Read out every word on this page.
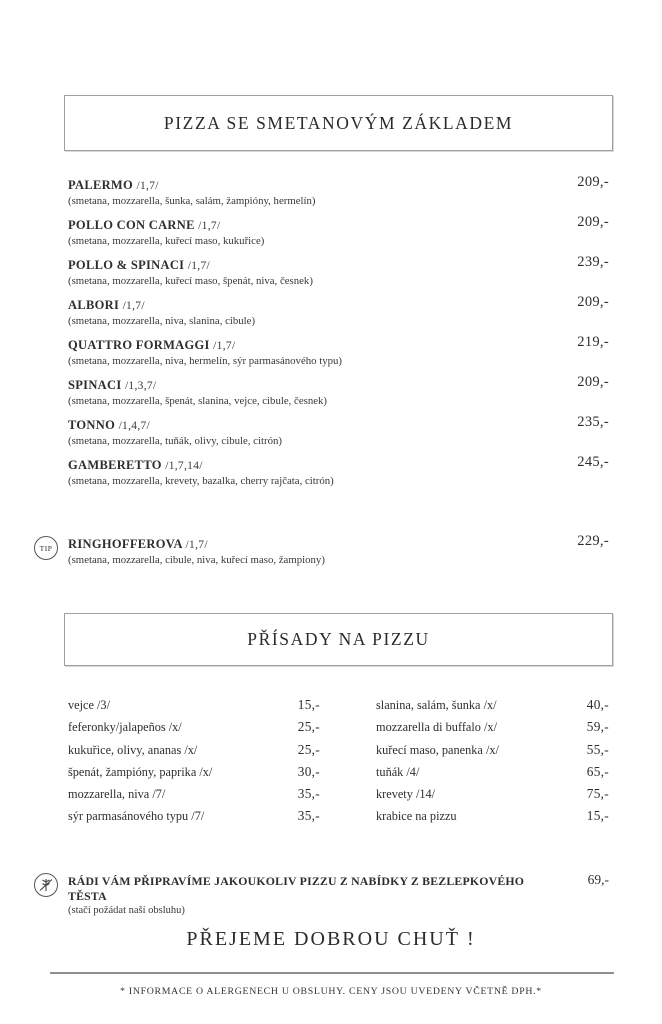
PIZZA SE SMETANOVÝM ZÁKLADEM
PALERMO /1,7/
(smetana, mozzarella, šunka, salám, žampióny, hermelín)
209,-
POLLO CON CARNE /1,7/
(smetana, mozzarella, kuřecí maso, kukuřice)
209,-
POLLO & SPINACI /1,7/
(smetana, mozzarella, kuřecí maso, špenát, niva, česnek)
239,-
ALBORI /1,7/
(smetana, mozzarella, niva, slanina, cibule)
209,-
QUATTRO FORMAGGI /1,7/
(smetana, mozzarella, niva, hermelín, sýr parmasánového typu)
219,-
SPINACI /1,3,7/
(smetana, mozzarella, špenát, slanina, vejce, cibule, česnek)
209,-
TONNO /1,4,7/
(smetana, mozzarella, tuňák, olivy, cibule, citrón)
235,-
GAMBERETTO /1,7,14/
(smetana, mozzarella, krevety, bazalka, cherry rajčata, citrón)
245,-
TIP RINGHOFFEROVA /1,7/
(smetana, mozzarella, cibule, niva, kuřecí maso, žampiony)
229,-
PŘÍSADY NA PIZZU
vejce /3/	15,-
feferonky/jalapeños /x/	25,-
kukuřice, olivy, ananas /x/	25,-
špenát, žampióny, paprika /x/	30,-
mozzarella, niva /7/	35,-
sýr parmasánového typu /7/	35,-
slanina, salám, šunka /x/	40,-
mozzarella di buffalo /x/	59,-
kuřecí maso, panenka /x/	55,-
tuňák /4/	65,-
krevety /14/	75,-
krabice na pizzu	15,-
RÁDI VÁM PŘIPRAVÍME JAKOUKOLIV PIZZU Z NABÍDKY Z BEZLEPKOVÉHO TĚSTA
(stačí požádat naší obsluhu)
69,-
PŘEJEME DOBROU CHUŤ !
* INFORMACE O ALERGENECH U OBSLUHY. CENY JSOU UVEDENY VČETNĚ DPH.*
